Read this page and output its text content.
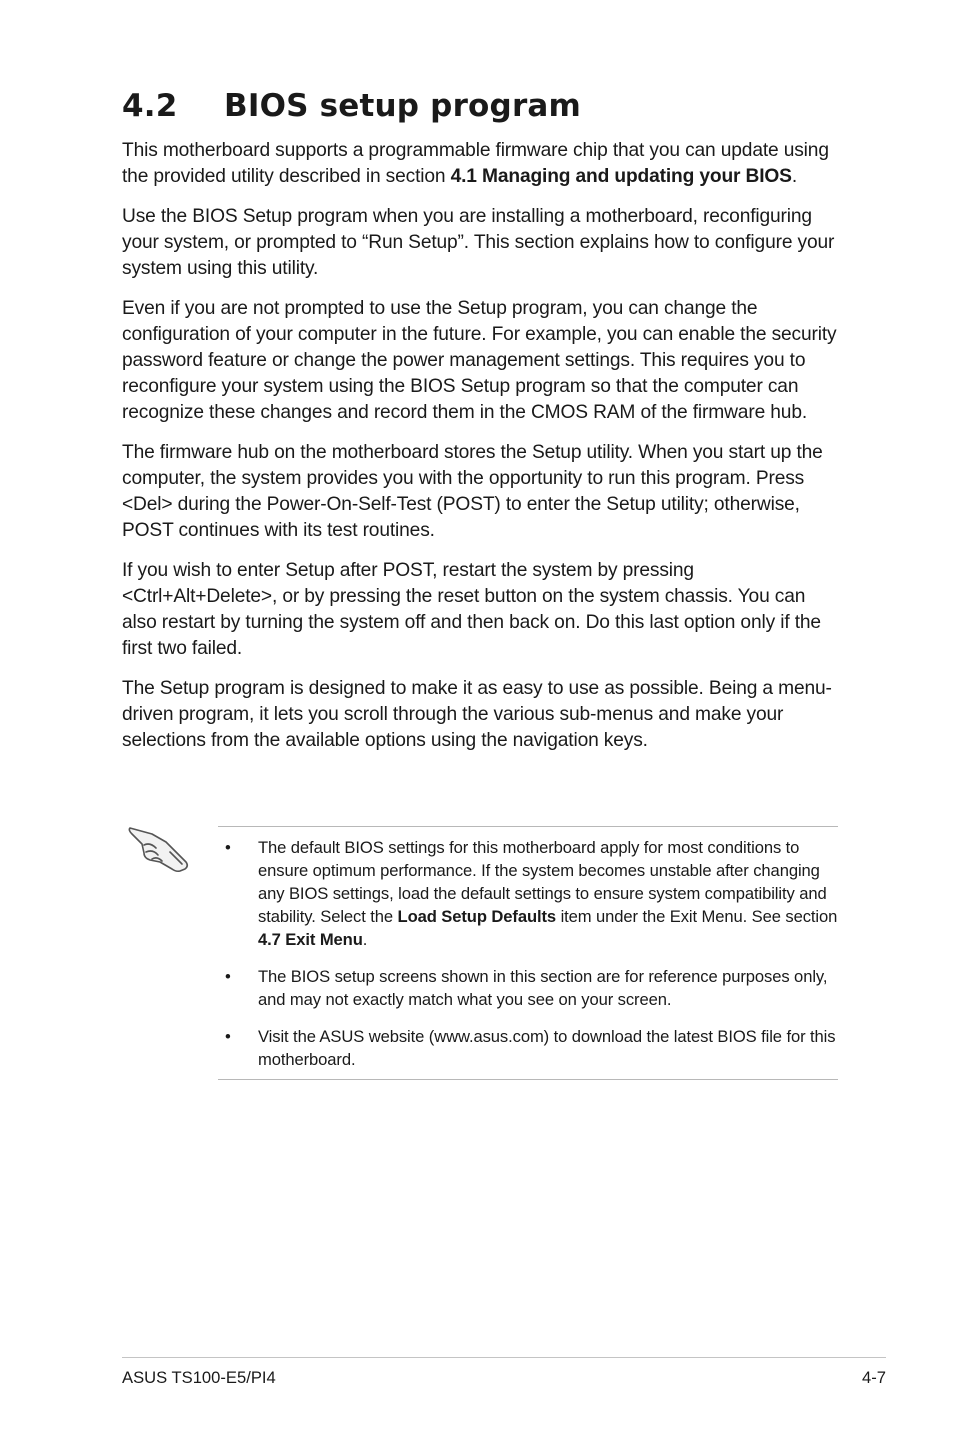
4.2 BIOS setup program

This motherboard supports a programmable firmware chip that you can update using the provided utility described in section 4.1 Managing and updating your BIOS.

Use the BIOS Setup program when you are installing a motherboard, reconfiguring your system, or prompted to “Run Setup”. This section explains how to configure your system using this utility.

Even if you are not prompted to use the Setup program, you can change the configuration of your computer in the future. For example, you can enable the security password feature or change the power management settings. This requires you to reconfigure your system using the BIOS Setup program so that the computer can recognize these changes and record them in the CMOS RAM of the firmware hub.

The firmware hub on the motherboard stores the Setup utility. When you start up the computer, the system provides you with the opportunity to run this program. Press <Del> during the Power-On-Self-Test (POST) to enter the Setup utility; otherwise, POST continues with its test routines.

If you wish to enter Setup after POST, restart the system by pressing <Ctrl+Alt+Delete>, or by pressing the reset button on the system chassis. You can also restart by turning the system off and then back on. Do this last option only if the first two failed.

The Setup program is designed to make it as easy to use as possible. Being a menu-driven program, it lets you scroll through the various sub-menus and make your selections from the available options using the navigation keys.

• The default BIOS settings for this motherboard apply for most conditions to ensure optimum performance. If the system becomes unstable after changing any BIOS settings, load the default settings to ensure system compatibility and stability. Select the Load Setup Defaults item under the Exit Menu. See section 4.7 Exit Menu.
• The BIOS setup screens shown in this section are for reference purposes only, and may not exactly match what you see on your screen.
• Visit the ASUS website (www.asus.com) to download the latest BIOS file for this motherboard.
ASUS TS100-E5/PI4	4-7
